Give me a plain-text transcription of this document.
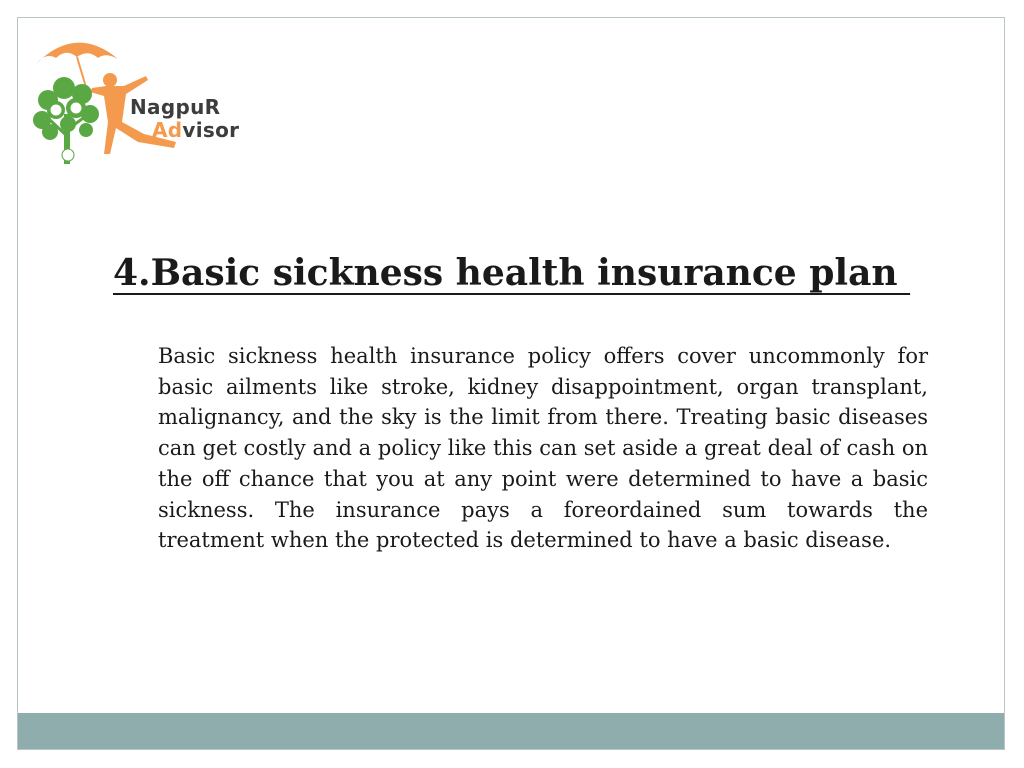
NagpuR
Advisor
4.Basic sickness health insurance plan

Basic sickness health insurance policy offers cover uncommonly for basic ailments like stroke, kidney disappointment, organ transplant, malignancy, and the sky is the limit from there. Treating basic diseases can get costly and a policy like this can set aside a great deal of cash on the off chance that you at any point were determined to have a basic sickness. The insurance pays a foreordained sum towards the treatment when the protected is determined to have a basic disease.
